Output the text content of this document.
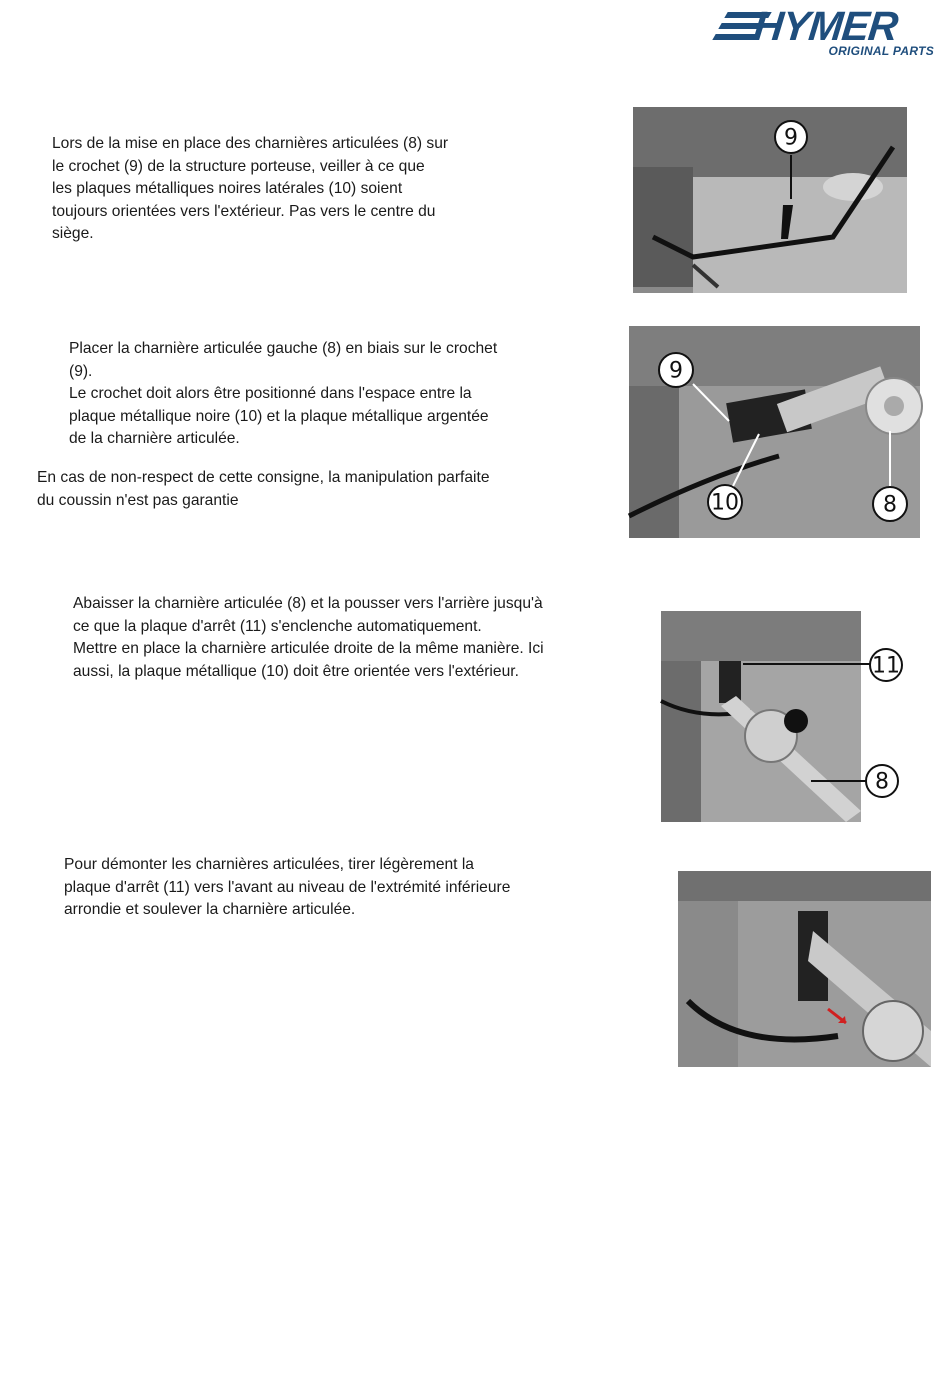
HYMER
ORIGINAL PARTS

Lors de la mise en place des charnières articulées (8) sur
le crochet (9) de la structure porteuse, veiller à ce que
les plaques métalliques noires latérales (10) soient
toujours orientées vers l'extérieur. Pas vers le centre du
siège.

9

Placer la charnière articulée gauche (8) en biais sur le crochet
(9).
Le crochet doit alors être positionné dans l'espace entre la
plaque métallique noire (10) et la plaque métallique argentée
de la charnière articulée.

En cas de non-respect de cette consigne, la manipulation parfaite
du coussin n'est pas garantie

9
10	8

Abaisser la charnière articulée (8) et la pousser vers l'arrière jusqu'à
ce que la plaque d'arrêt (11) s'enclenche automatiquement.
Mettre en place la charnière articulée droite de la même manière. Ici
aussi, la plaque métallique (10) doit être orientée vers l'extérieur.	11
8

Pour démonter les charnières articulées, tirer légèrement la
plaque d'arrêt (11) vers l'avant au niveau de l'extrémité inférieure
arrondie et soulever la charnière articulée.
